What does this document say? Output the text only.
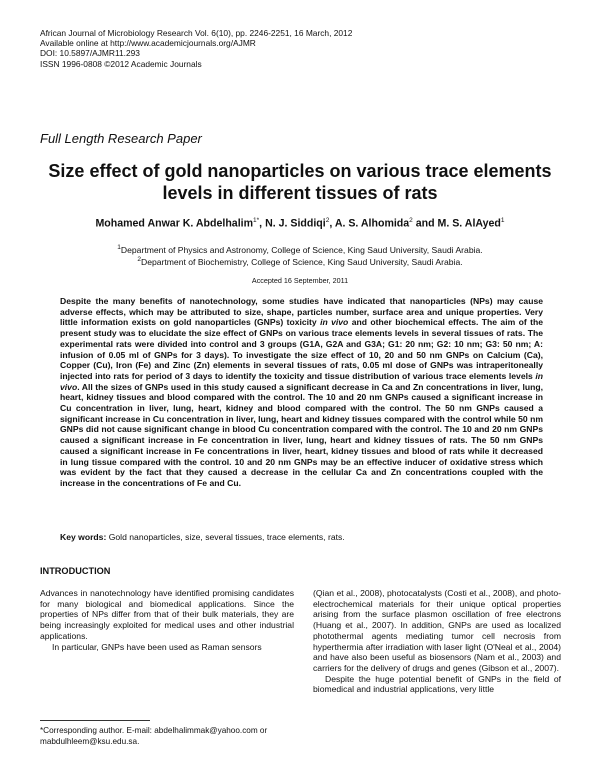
African Journal of Microbiology Research Vol. 6(10), pp. 2246-2251, 16 March, 2012
Available online at http://www.academicjournals.org/AJMR
DOI: 10.5897/AJMR11.293
ISSN 1996-0808 ©2012 Academic Journals
Full Length Research Paper
Size effect of gold nanoparticles on various trace elements levels in different tissues of rats
Mohamed Anwar K. Abdelhalim$^{1*}$, N. J. Siddiqi$^2$, A. S. Alhomida$^2$ and M. S. AlAyed$^1$
$^1$Department of Physics and Astronomy, College of Science, King Saud University, Saudi Arabia.
$^2$Department of Biochemistry, College of Science, King Saud University, Saudi Arabia.
Accepted 16 September, 2011

Despite the many benefits of nanotechnology, some studies have indicated that nanoparticles (NPs) may cause adverse effects, which may be attributed to size, shape, particles number, surface area and unique properties. Very little information exists on gold nanoparticles (GNPs) toxicity in vivo and other biochemical effects. The aim of the present study was to elucidate the size effect of GNPs on various trace elements levels in several tissues of rats. The experimental rats were divided into control and 3 groups (G1A, G2A and G3A; G1: 20 nm; G2: 10 nm; G3: 50 nm; A: infusion of 0.05 ml of GNPs for 3 days). To investigate the size effect of 10, 20 and 50 nm GNPs on Calcium (Ca), Copper (Cu), Iron (Fe) and Zinc (Zn) elements in several tissues of rats, 0.05 ml dose of GNPs was intraperitoneally injected into rats for period of 3 days to identify the toxicity and tissue distribution of various trace elements levels in vivo. All the sizes of GNPs used in this study caused a significant decrease in Ca and Zn concentrations in liver, lung, heart, kidney tissues and blood compared with the control. The 10 and 20 nm GNPs caused a significant increase in Cu concentration in liver, lung, heart, kidney and blood compared with the control. The 50 nm GNPs caused a significant increase in Cu concentration in liver, lung, heart and kidney tissues compared with the control while 50 nm GNPs did not cause significant change in blood Cu concentration compared with the control. The 10 and 20 nm GNPs caused a significant increase in Fe concentration in liver, lung, heart and kidney tissues of rats. The 50 nm GNPs caused a significant increase in Fe concentrations in liver, heart, kidney tissues and blood of rats while it decreased in lung tissue compared with the control. 10 and 20 nm GNPs may be an effective inducer of oxidative stress which was evident by the fact that they caused a decrease in the cellular Ca and Zn concentrations coupled with the increase in the concentrations of Fe and Cu.

Key words: Gold nanoparticles, size, several tissues, trace elements, rats.
INTRODUCTION

Advances in nanotechnology have identified promising candidates for many biological and biomedical applications. Since the properties of NPs differ from that of their bulk materials, they are being increasingly exploited for medical uses and other industrial applications.

In particular, GNPs have been used as Raman sensors

(Qian et al., 2008), photocatalysts (Costi et al., 2008), and photo-electrochemical materials for their unique optical properties arising from the surface plasmon oscillation of free electrons (Huang et al., 2007). In addition, GNPs are used as localized photothermal agents mediating tumor cell necrosis from hyperthermia after irradiation with laser light (O'Neal et al., 2004) and have also been useful as biosensors (Nam et al., 2003) and carriers for the delivery of drugs and genes (Gibson et al., 2007).

Despite the huge potential benefit of GNPs in the field of biomedical and industrial applications, very little

*Corresponding author. E-mail: abdelhalimmak@yahoo.com or mabdulhleem@ksu.edu.sa.
